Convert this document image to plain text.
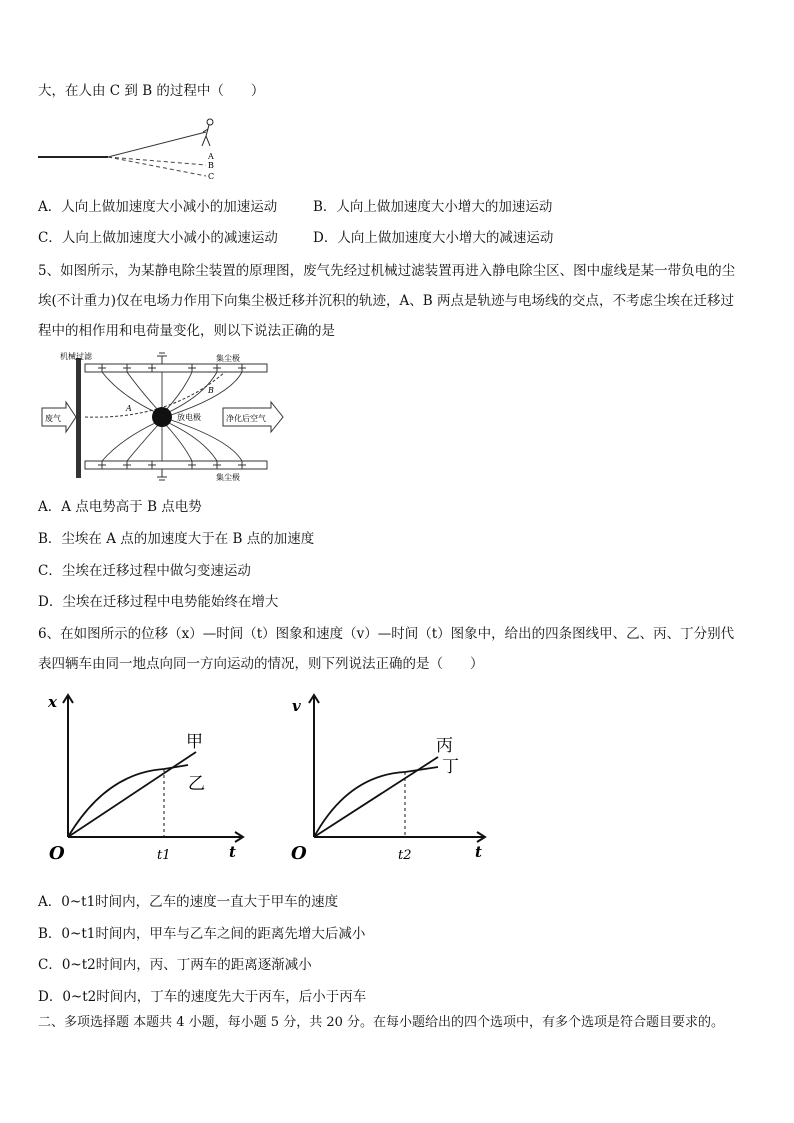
大，在人由 C 到 B 的过程中（　　）
A
B
C
A．人向上做加速度大小减小的加速运动	B．人向上做加速度大小增大的加速运动
C．人向上做加速度大小减小的减速运动	D．人向上做加速度大小增大的减速运动
5、如图所示，为某静电除尘装置的原理图，废气先经过机械过滤装置再进入静电除尘区、图中虚线是某一带负电的尘
埃(不计重力)仅在电场力作用下向集尘极迁移并沉积的轨迹，A、B 两点是轨迹与电场线的交点，不考虑尘埃在迁移过
程中的相作用和电荷量变化，则以下说法正确的是
机械过滤	集尘极
集尘极
放电极
A
B
废气	净化后空气
A．A 点电势高于 B 点电势
B．尘埃在 A 点的加速度大于在 B 点的加速度
C．尘埃在迁移过程中做匀变速运动
D．尘埃在迁移过程中电势能始终在增大
6、在如图所示的位移（x）—时间（t）图象和速度（v）—时间（t）图象中，给出的四条图线甲、乙、丙、丁分别代
表四辆车由同一地点向同一方向运动的情况，则下列说法正确的是（　　）
x
t
O	t1
甲
乙
v
t
O	t2
丙
丁
A．0~t1时间内，乙车的速度一直大于甲车的速度
B．0~t1时间内，甲车与乙车之间的距离先增大后减小
C．0~t2时间内，丙、丁两车的距离逐渐减小
D．0~t2时间内，丁车的速度先大于丙车，后小于丙车
二、多项选择题 本题共 4 小题，每小题 5 分，共 20 分。在每小题给出的四个选项中，有多个选项是符合题目要求的。
